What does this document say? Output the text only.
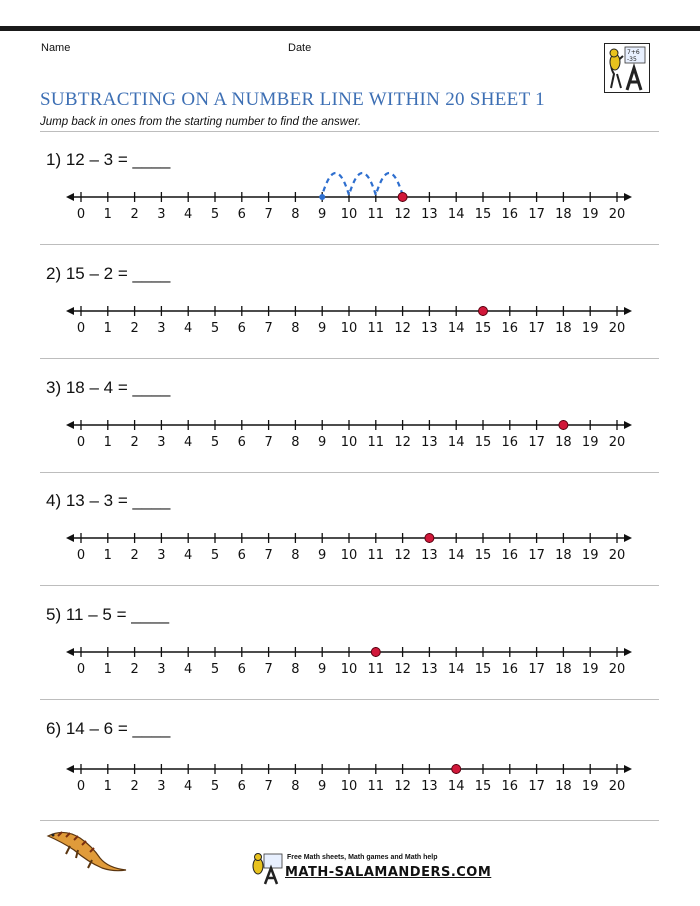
Name	Date	7+6
-35
SUBTRACTING ON A NUMBER LINE WITHIN 20 SHEET 1

Jump back in ones from the starting number to find the answer.

1) 12 – 3 = ____
2) 15 – 2 = ____
3) 18 – 4 = ____
4) 13 – 3 = ____
5) 11 – 5 = ____
6) 14 – 6 = ____
0 1 2 3 4 5 6 7 8 9 10 11 12 13 14 15 16 17 18 19 20
0 1 2 3 4 5 6 7 8 9 10 11 12 13 14 15 16 17 18 19 20
0 1 2 3 4 5 6 7 8 9 10 11 12 13 14 15 16 17 18 19 20
0 1 2 3 4 5 6 7 8 9 10 11 12 13 14 15 16 17 18 19 20
0 1 2 3 4 5 6 7 8 9 10 11 12 13 14 15 16 17 18 19 20
0 1 2 3 4 5 6 7 8 9 10 11 12 13 14 15 16 17 18 19 20
Free Math sheets, Math games and Math help
MATH-SALAMANDERS.COM
